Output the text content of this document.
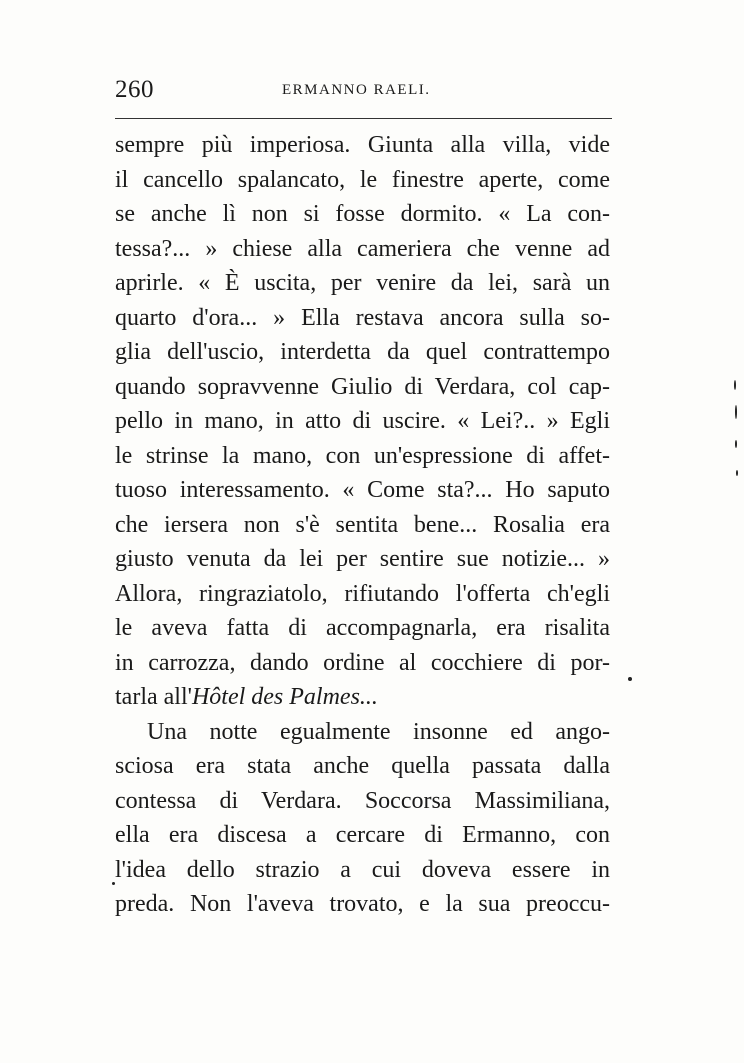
260	ERMANNO RAELI.
sempre più imperiosa. Giunta alla villa, vide
il cancello spalancato, le finestre aperte, come
se anche lì non si fosse dormito. « La con-
tessa?... » chiese alla cameriera che venne ad
aprirle. « È uscita, per venire da lei, sarà un
quarto d'ora... » Ella restava ancora sulla so-
glia dell'uscio, interdetta da quel contrattempo
quando sopravvenne Giulio di Verdara, col cap-
pello in mano, in atto di uscire. « Lei?.. » Egli
le strinse la mano, con un'espressione di affet-
tuoso interessamento. « Come sta?... Ho saputo
che iersera non s'è sentita bene... Rosalia era
giusto venuta da lei per sentire sue notizie... »
Allora, ringraziatolo, rifiutando l'offerta ch'egli
le aveva fatta di accompagnarla, era risalita
in carrozza, dando ordine al cocchiere di por-
tarla all'Hôtel des Palmes...
Una notte egualmente insonne ed ango-
sciosa era stata anche quella passata dalla
contessa di Verdara. Soccorsa Massimiliana,
ella era discesa a cercare di Ermanno, con
l'idea dello strazio a cui doveva essere in
preda. Non l'aveva trovato, e la sua preoccu-
